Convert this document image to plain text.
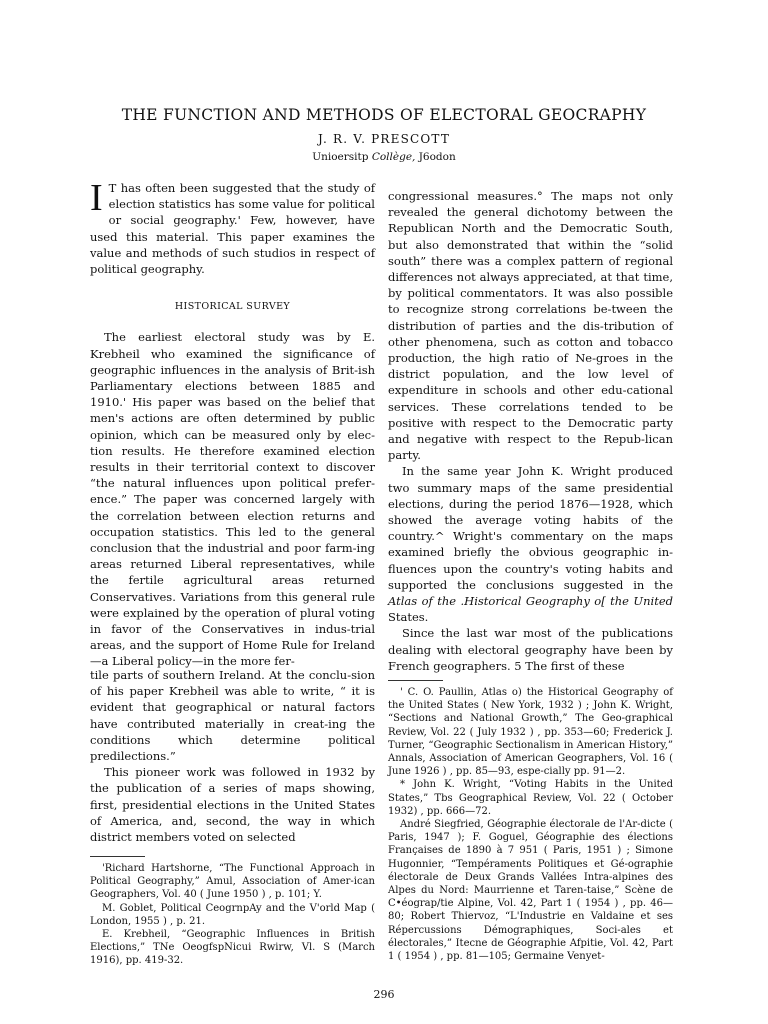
THE FUNCTION AND METHODS OF ELECTORAL GEOCRAPHY
J. R. V. PRESCOTT
Unioersitp Collège, J6odon

I T has often been suggested that the study of election statistics has some value for political or social geography.' Few, however, have used this material. This paper examines the value and methods of such studios in respect of political geography.

HISTORICAL SURVEY

The earliest electoral study was by E. Krebheil who examined the significance of geographic influences in the analysis of Brit-ish Parliamentary elections between 1885 and 1910.' His paper was based on the belief that men's actions are often determined by public opinion, which can be measured only by elec-tion results. He therefore examined election results in their territorial context to discover “the natural influences upon political prefer-ence.” The paper was concerned largely with the correlation between election returns and occupation statistics. This led to the general conclusion that the industrial and poor farm-ing areas returned Liberal representatives, while the fertile agricultural areas returned Conservatives. Variations from this general rule were explained by the operation of plural voting in favor of the Conservatives in indus-trial areas, and the support of Home Rule for Ireland—a Liberal policy—in the more fer-

tile parts of southern Ireland. At the conclu-sion of his paper Krebheil was able to write, “ it is evident that geographical or natural factors have contributed materially in creat-ing the conditions which determine political predilections.”

This pioneer work was followed in 1932 by the publication of a series of maps showing, first, presidential elections in the United States of America, and, second, the way in which district members voted on selected

'Richard Hartshorne, “The Functional Approach in Political Geography,” Amul, Association of Amer-ican Geographers, Vol. 40 ( June 1950 ) , p. 101; Y.

M. Goblet, Political CeogrnpAy and the V'orld Map ( London, 1955 ) , p. 21.

E. Krebheil, “Geographic Influences in British Elections,” TNe OeogfspNicui Rwirw, Vl. S (March 1916), pp. 419-32.

congressional measures.° The maps not only revealed the general dichotomy between the Republican North and the Democratic South, but also demonstrated that within the “solid south” there was a complex pattern of regional differences not always appreciated, at that time, by political commentators. It was also possible to recognize strong correlations be-tween the distribution of parties and the dis-tribution of other phenomena, such as cotton and tobacco production, the high ratio of Ne-groes in the district population, and the low level of expenditure in schools and other edu-cational services. These correlations tended to be positive with respect to the Democratic party and negative with respect to the Repub-lican party.

In the same year John K. Wright produced two summary maps of the same presidential elections, during the period 1876—1928, which showed the average voting habits of the country.^ Wright's commentary on the maps examined briefly the obvious geographic in-fluences upon the country's voting habits and supported the conclusions suggested in the Atlas of the .Historical Geography o[ the United States.

Since the last war most of the publications dealing with electoral geography have been by French geographers. 5 The first of these

' C. O. Paullin, Atlas o) the Historical Geography of the United States ( New York, 1932 ) ; John K. Wright, “Sections and National Growth,” The Geo-graphical Review, Vol. 22 ( July 1932 ) , pp. 353—60; Frederick J. Turner, “Geographic Sectionalism in American History,” Annals, Association of American Geographers, Vol. 16 ( June 1926 ) , pp. 85—93, espe-cially pp. 91—2.

* John K. Wright, “Voting Habits in the United States,” Tbs Geographical Review, Vol. 22 ( October 1932) , pp. 666—72.

André Siegfried, Géographie électorale de l'Ar-dicte ( Paris, 1947 ); F. Goguel, Géographie des élections Françaises de 1890 à 7 951 ( Paris, 1951 ) ; Simone Hugonnier, “Tempéraments Politiques et Gé-ographie électorale de Deux Grands Vallées Intra-alpines des Alpes du Nord: Maurrienne et Taren-taise,” Scène de C•éograp/tie Alpine, Vol. 42, Part 1 ( 1954 ) , pp. 46—80; Robert Thiervoz, “L'Industrie en Valdaine et ses Répercussions Démographiques, Soci-ales et électorales,” Itecne de Géographie Afpitie, Vol. 42, Part 1 ( 1954 ) , pp. 81—105; Germaine Venyet-

296
